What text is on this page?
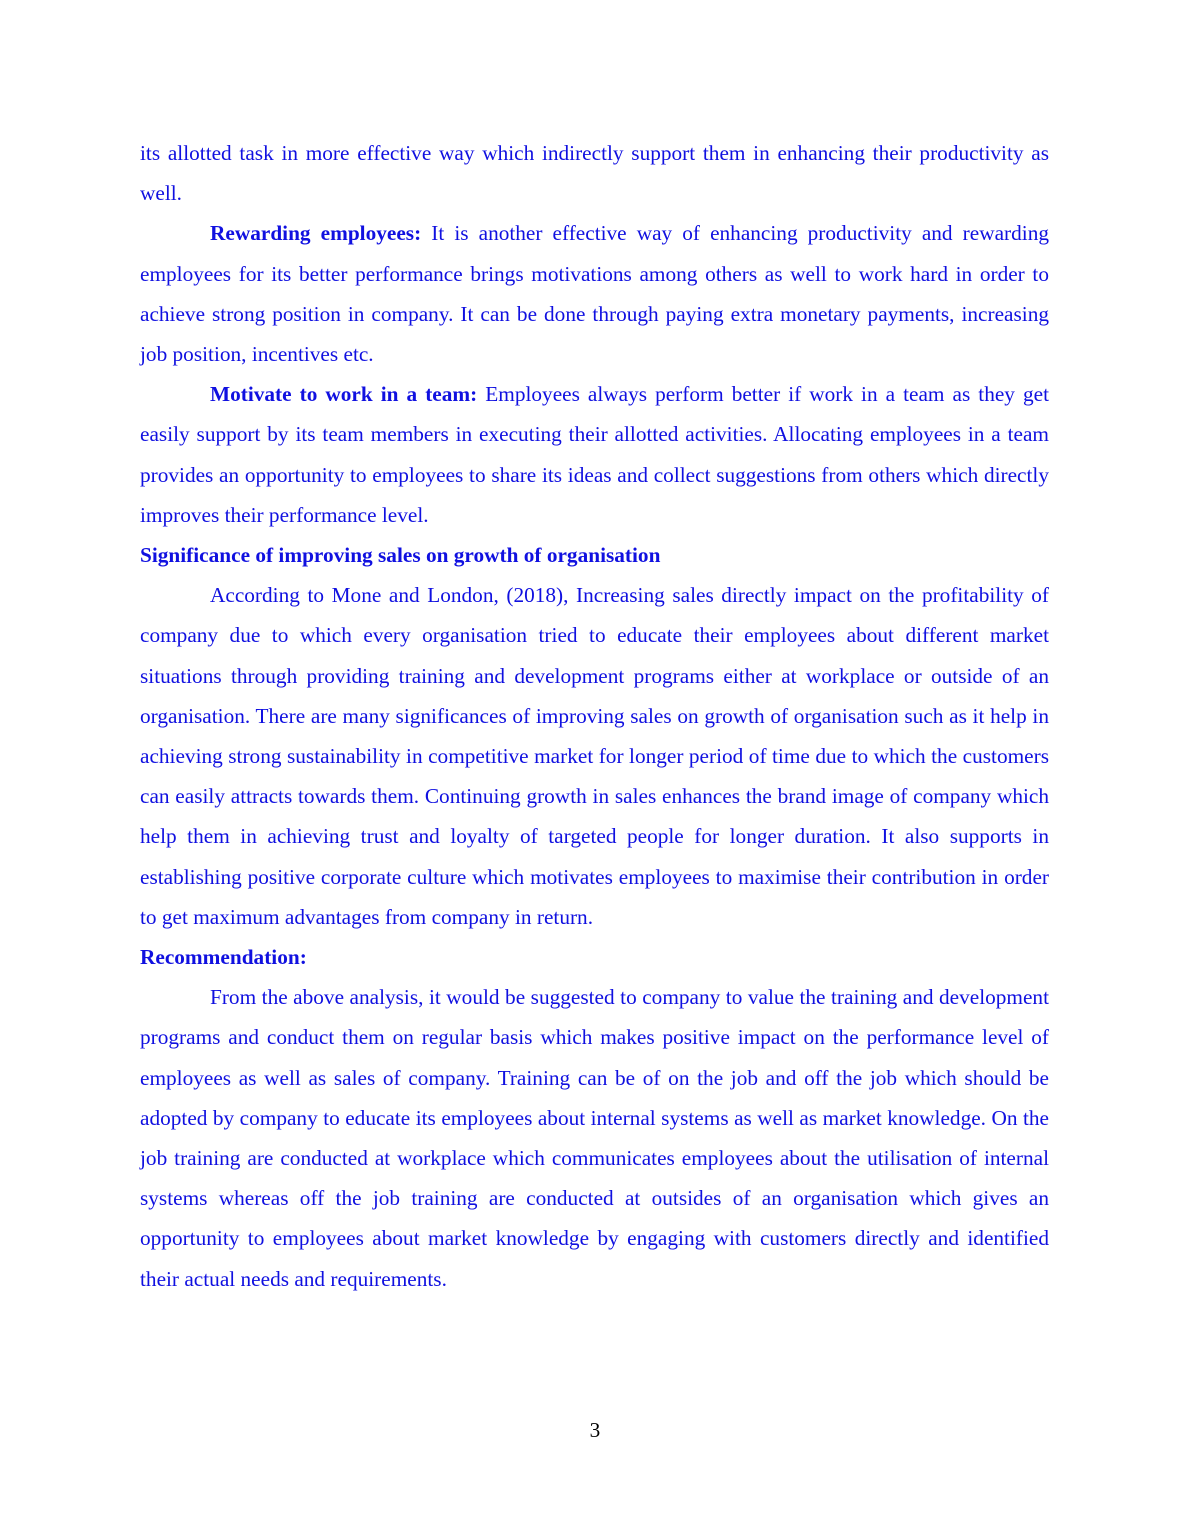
its allotted task in more effective way which indirectly support them in enhancing their productivity as well.

Rewarding employees: It is another effective way of enhancing productivity and rewarding employees for its better performance brings motivations among others as well to work hard in order to achieve strong position in company. It can be done through paying extra monetary payments, increasing job position, incentives etc.

Motivate to work in a team: Employees always perform better if work in a team as they get easily support by its team members in executing their allotted activities. Allocating employees in a team provides an opportunity to employees to share its ideas and collect suggestions from others which directly improves their performance level.

Significance of improving sales on growth of organisation

According to Mone and London, (2018), Increasing sales directly impact on the profitability of company due to which every organisation tried to educate their employees about different market situations through providing training and development programs either at workplace or outside of an organisation. There are many significances of improving sales on growth of organisation such as it help in achieving strong sustainability in competitive market for longer period of time due to which the customers can easily attracts towards them. Continuing growth in sales enhances the brand image of company which help them in achieving trust and loyalty of targeted people for longer duration. It also supports in establishing positive corporate culture which motivates employees to maximise their contribution in order to get maximum advantages from company in return.

Recommendation:

From the above analysis, it would be suggested to company to value the training and development programs and conduct them on regular basis which makes positive impact on the performance level of employees as well as sales of company. Training can be of on the job and off the job which should be adopted by company to educate its employees about internal systems as well as market knowledge. On the job training are conducted at workplace which communicates employees about the utilisation of internal systems whereas off the job training are conducted at outsides of an organisation which gives an opportunity to employees about market knowledge by engaging with customers directly and identified their actual needs and requirements.

3
